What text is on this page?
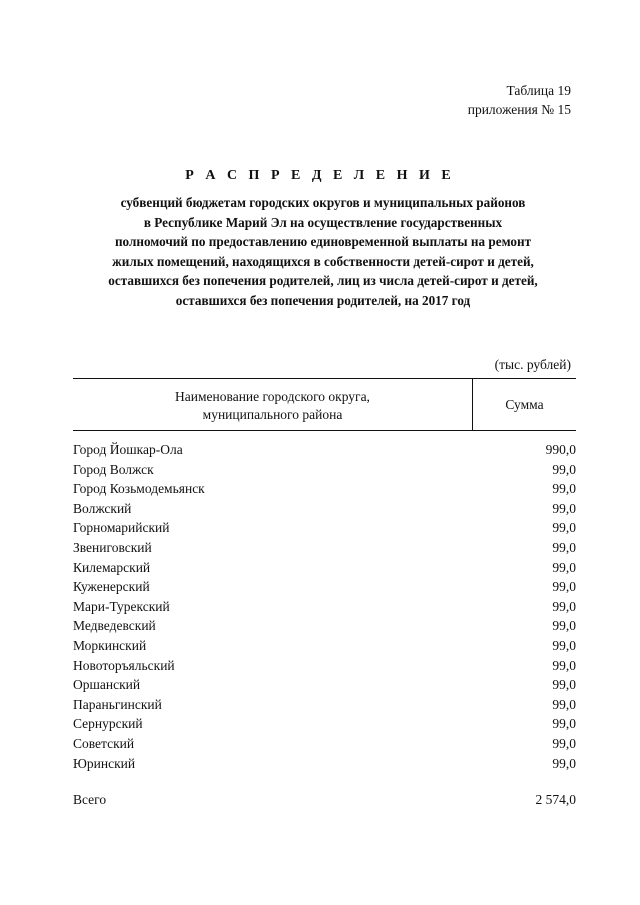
Таблица 19
приложения № 15
Р А С П Р Е Д Е Л Е Н И Е
субвенций бюджетам городских округов и муниципальных районов
в Республике Марий Эл на осуществление государственных
полномочий по предоставлению единовременной выплаты на ремонт
жилых помещений, находящихся в собственности детей-сирот и детей,
оставшихся без попечения родителей, лиц из числа детей-сирот и детей,
оставшихся без попечения родителей, на 2017 год
(тыс. рублей)
Наименование городского округа,
муниципального района
Сумма
Город Йошкар-Ола	990,0
Город Волжск	99,0
Город Козьмодемьянск	99,0
Волжский	99,0
Горномарийский	99,0
Звениговский	99,0
Килемарский	99,0
Куженерский	99,0
Мари-Турекский	99,0
Медведевский	99,0
Моркинский	99,0
Новоторъяльский	99,0
Оршанский	99,0
Параньгинский	99,0
Сернурский	99,0
Советский	99,0
Юринский	99,0
Всего	2 574,0
